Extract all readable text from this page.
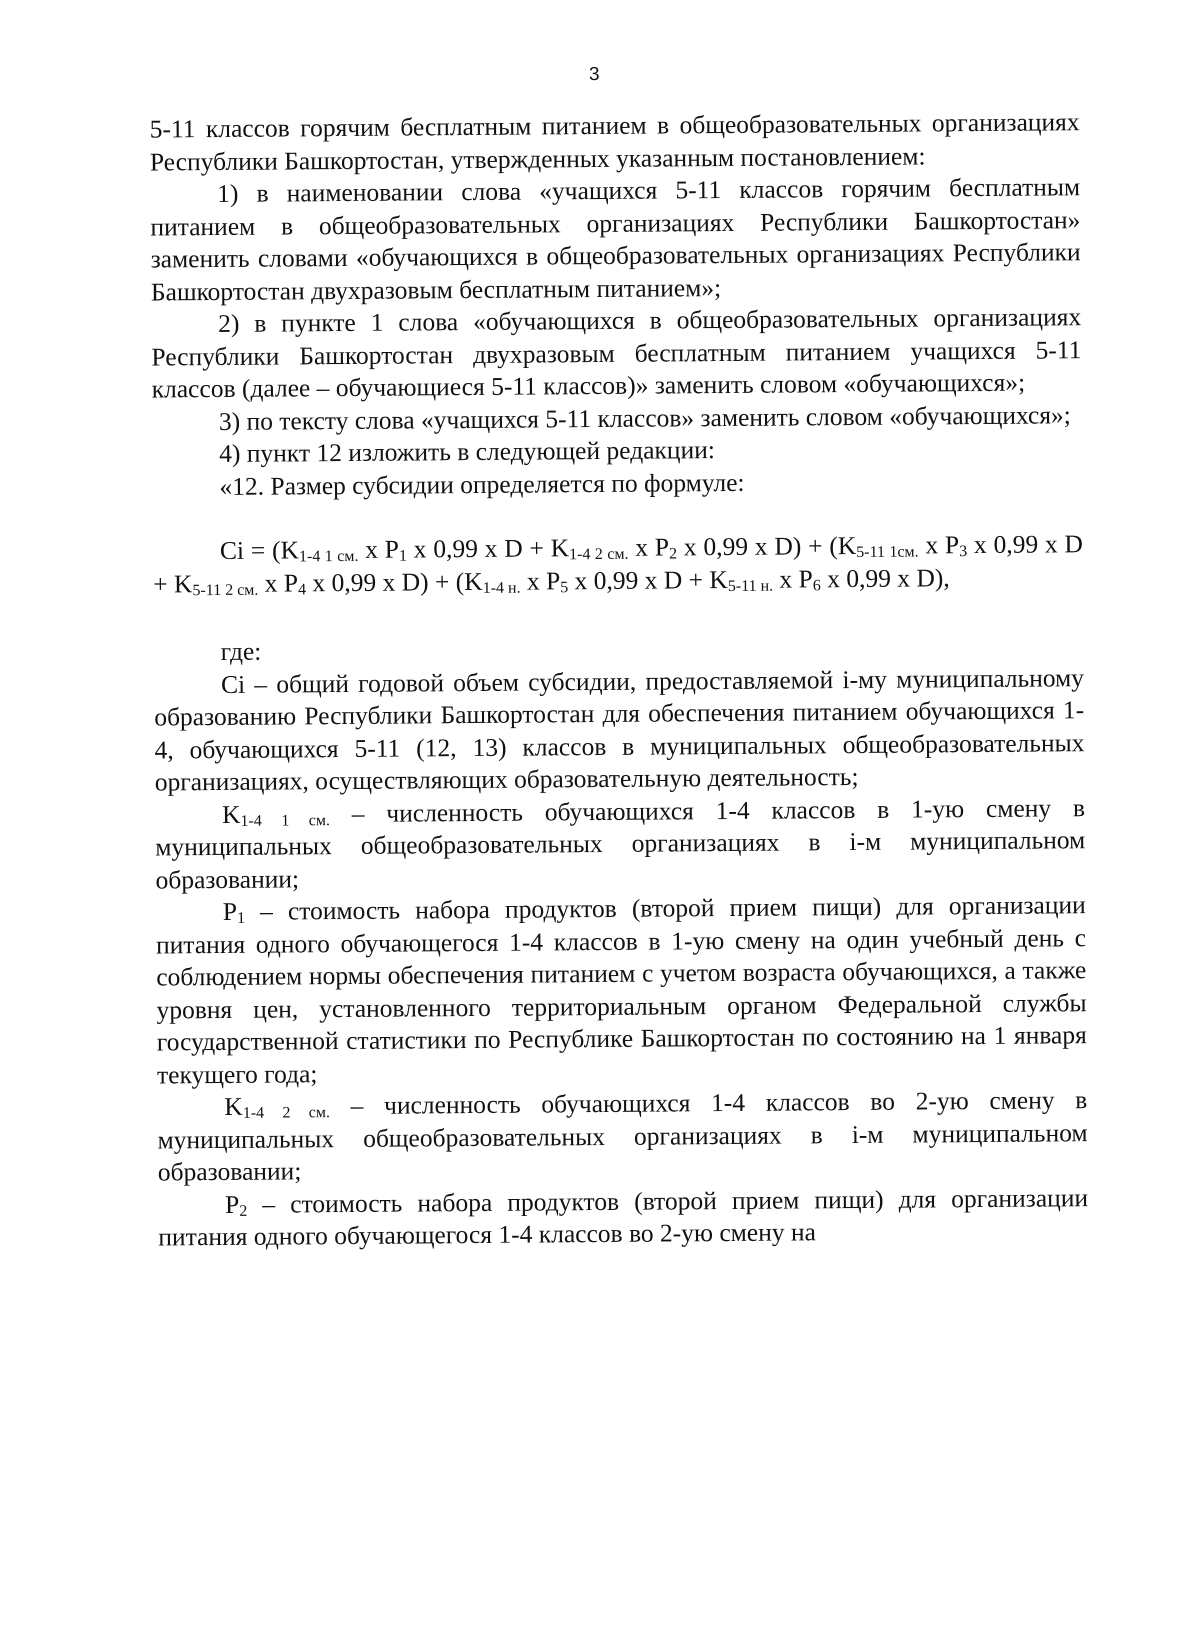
3

5-11 классов горячим бесплатным питанием в общеобразовательных организациях Республики Башкортостан, утвержденных указанным постановлением:

1) в наименовании слова «учащихся 5-11 классов горячим бесплатным питанием в общеобразовательных организациях Республики Башкортостан» заменить словами «обучающихся в общеобразовательных организациях Республики Башкортостан двухразовым бесплатным питанием»;

2) в пункте 1 слова «обучающихся в общеобразовательных организациях Республики Башкортостан двухразовым бесплатным питанием учащихся 5-11 классов (далее – обучающиеся 5-11 классов)» заменить словом «обучающихся»;

3) по тексту слова «учащихся 5-11 классов» заменить словом «обучающихся»;

4) пункт 12 изложить в следующей редакции:

«12. Размер субсидии определяется по формуле:

$Ci = (K_{1-4 1 см.}$ x $P_1$ x 0,99 x $D + K_{1-4 2 см.}$ x $P_2$ x 0,99 x $D) + (K_{5-11 1см.}$ x $P_3$ x 0,99 x $D + K_{5-11 2 см.}$ x $P_4$ x 0,99 x $D) + (K_{1-4 н.}$ x $P_5$ x 0,99 x $D + K_{5-11 н.}$ x $P_6$ x 0,99 x D),

где:

Ci – общий годовой объем субсидии, предоставляемой i-му муниципальному образованию Республики Башкортостан для обеспечения питанием обучающихся 1-4, обучающихся 5-11 (12, 13) классов в муниципальных общеобразовательных организациях, осуществляющих образовательную деятельность;

$K_{1-4 1 см.}$ – численность обучающихся 1-4 классов в 1-ую смену в муниципальных общеобразовательных организациях в i-м муниципальном образовании;

$P_1$ – стоимость набора продуктов (второй прием пищи) для организации питания одного обучающегося 1-4 классов в 1-ую смену на один учебный день с соблюдением нормы обеспечения питанием с учетом возраста обучающихся, а также уровня цен, установленного территориальным органом Федеральной службы государственной статистики по Республике Башкортостан по состоянию на 1 января текущего года;

$K_{1-4 2 см.}$ – численность обучающихся 1-4 классов во 2-ую смену в муниципальных общеобразовательных организациях в i-м муниципальном образовании;

$P_2$ – стоимость набора продуктов (второй прием пищи) для организации питания одного обучающегося 1-4 классов во 2-ую смену на
